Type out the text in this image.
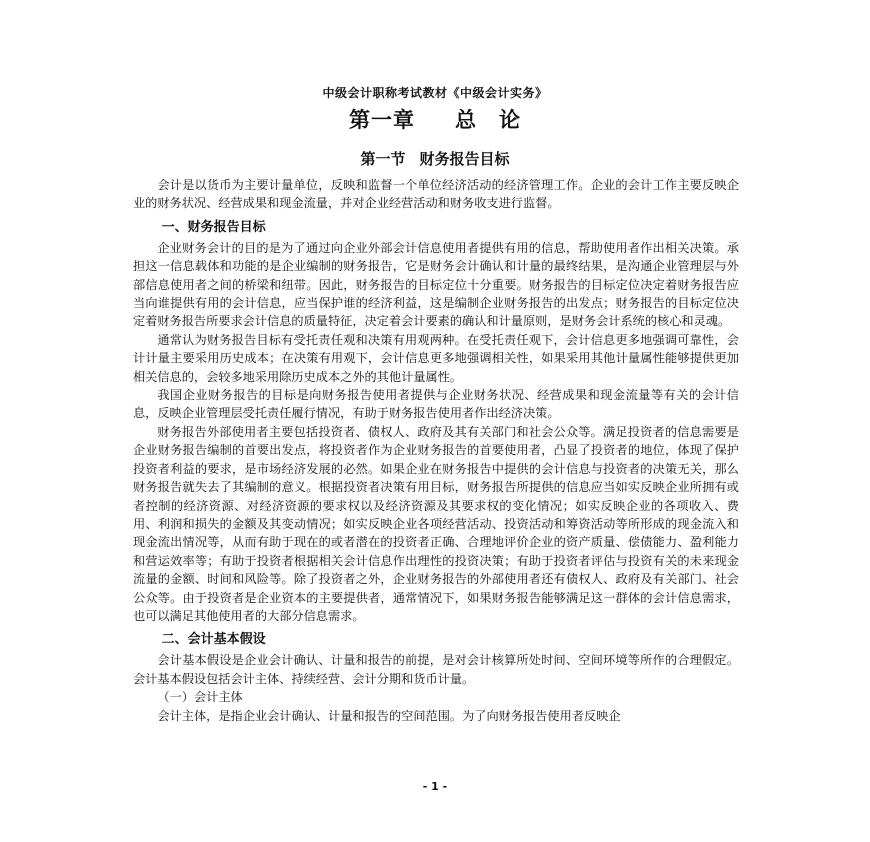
中级会计职称考试教材《中级会计实务》
第一章 总　论
第一节 财务报告目标

会计是以货币为主要计量单位，反映和监督一个单位经济活动的经济管理工作。企业的会计工作主要反映企业的财务状况、经营成果和现金流量，并对企业经营活动和财务收支进行监督。

一、财务报告目标

企业财务会计的目的是为了通过向企业外部会计信息使用者提供有用的信息，帮助使用者作出相关决策。承担这一信息载体和功能的是企业编制的财务报告，它是财务会计确认和计量的最终结果，是沟通企业管理层与外部信息使用者之间的桥梁和纽带。因此，财务报告的目标定位十分重要。财务报告的目标定位决定着财务报告应当向谁提供有用的会计信息，应当保护谁的经济利益，这是编制企业财务报告的出发点；财务报告的目标定位决定着财务报告所要求会计信息的质量特征，决定着会计要素的确认和计量原则，是财务会计系统的核心和灵魂。

通常认为财务报告目标有受托责任观和决策有用观两种。在受托责任观下，会计信息更多地强调可靠性，会计计量主要采用历史成本；在决策有用观下，会计信息更多地强调相关性，如果采用其他计量属性能够提供更加相关信息的，会较多地采用除历史成本之外的其他计量属性。

我国企业财务报告的目标是向财务报告使用者提供与企业财务状况、经营成果和现金流量等有关的会计信息，反映企业管理层受托责任履行情况，有助于财务报告使用者作出经济决策。

财务报告外部使用者主要包括投资者、债权人、政府及其有关部门和社会公众等。满足投资者的信息需要是企业财务报告编制的首要出发点，将投资者作为企业财务报告的首要使用者，凸显了投资者的地位，体现了保护投资者利益的要求，是市场经济发展的必然。如果企业在财务报告中提供的会计信息与投资者的决策无关，那么财务报告就失去了其编制的意义。根据投资者决策有用目标，财务报告所提供的信息应当如实反映企业所拥有或者控制的经济资源、对经济资源的要求权以及经济资源及其要求权的变化情况；如实反映企业的各项收入、费用、利润和损失的金额及其变动情况；如实反映企业各项经营活动、投资活动和筹资活动等所形成的现金流入和现金流出情况等，从而有助于现在的或者潜在的投资者正确、合理地评价企业的资产质量、偿债能力、盈利能力和营运效率等；有助于投资者根据相关会计信息作出理性的投资决策；有助于投资者评估与投资有关的未来现金流量的金额、时间和风险等。除了投资者之外，企业财务报告的外部使用者还有债权人、政府及有关部门、社会公众等。由于投资者是企业资本的主要提供者，通常情况下，如果财务报告能够满足这一群体的会计信息需求，也可以满足其他使用者的大部分信息需求。

二、会计基本假设

会计基本假设是企业会计确认、计量和报告的前提，是对会计核算所处时间、空间环境等所作的合理假定。会计基本假设包括会计主体、持续经营、会计分期和货币计量。

（一）会计主体

会计主体，是指企业会计确认、计量和报告的空间范围。为了向财务报告使用者反映企

- 1 -
